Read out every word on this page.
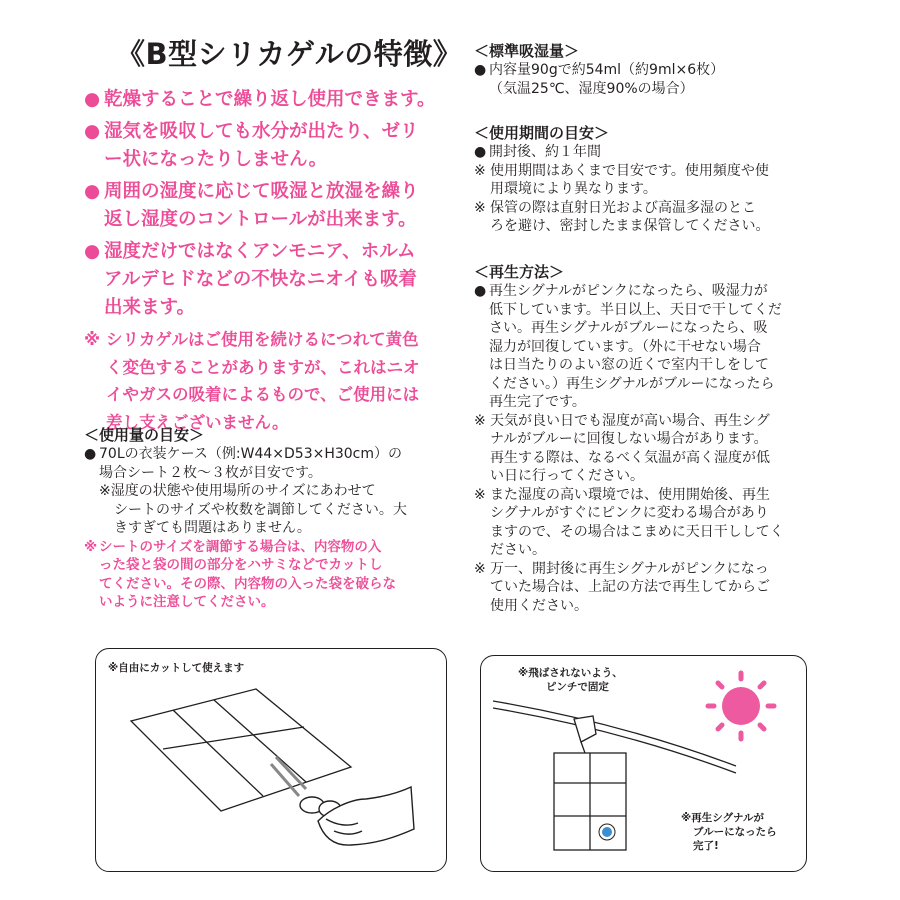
《B型シリカゲルの特徴》
● 乾燥することで繰り返し使用できます。
● 湿気を吸収しても水分が出たり、ゼリ
ー状になったりしません。
● 周囲の湿度に応じて吸湿と放湿を繰り
返し湿度のコントロールが出来ます。
● 湿度だけではなくアンモニア、ホルム
アルデヒドなどの不快なニオイも吸着
出来ます。
※ シリカゲルはご使用を続けるにつれて黄色
く変色することがありますが、これはニオ
イやガスの吸着によるもので、ご使用には
差し支えございません。
＜使用量の目安＞
● 70Lの衣装ケース（例:W44×D53×H30cm）の
場合シート２枚～３枚が目安です。
※湿度の状態や使用場所のサイズにあわせて
シートのサイズや枚数を調節してください。大
きすぎても問題はありません。
※ シートのサイズを調節する場合は、内容物の入
った袋と袋の間の部分をハサミなどでカットし
てください。その際、内容物の入った袋を破らな
いように注意してください。
＜標準吸湿量＞
● 内容量90gで約54ml（約9ml×6枚）
（気温25℃、湿度90%の場合）
＜使用期間の目安＞
● 開封後、約１年間
※ 使用期間はあくまで目安です。使用頻度や使
用環境により異なります。
※ 保管の際は直射日光および高温多湿のとこ
ろを避け、密封したまま保管してください。
＜再生方法＞
● 再生シグナルがピンクになったら、吸湿力が
低下しています。半日以上、天日で干してくだ
さい。再生シグナルがブルーになったら、吸
湿力が回復しています。（外に干せない場合
は日当たりのよい窓の近くで室内干しをして
ください。）再生シグナルがブルーになったら
再生完了です。
※ 天気が良い日でも湿度が高い場合、再生シグ
ナルがブルーに回復しない場合があります。
再生する際は、なるべく気温が高く湿度が低
い日に行ってください。
※ また湿度の高い環境では、使用開始後、再生
シグナルがすぐにピンクに変わる場合があり
ますので、その場合はこまめに天日干ししてく
ださい。
※ 万一、開封後に再生シグナルがピンクになっ
ていた場合は、上記の方法で再生してからご
使用ください。
※自由にカットして使えます	※飛ばされないよう、
ピンチで固定
※再生シグナルが
ブルーになったら
完了!
